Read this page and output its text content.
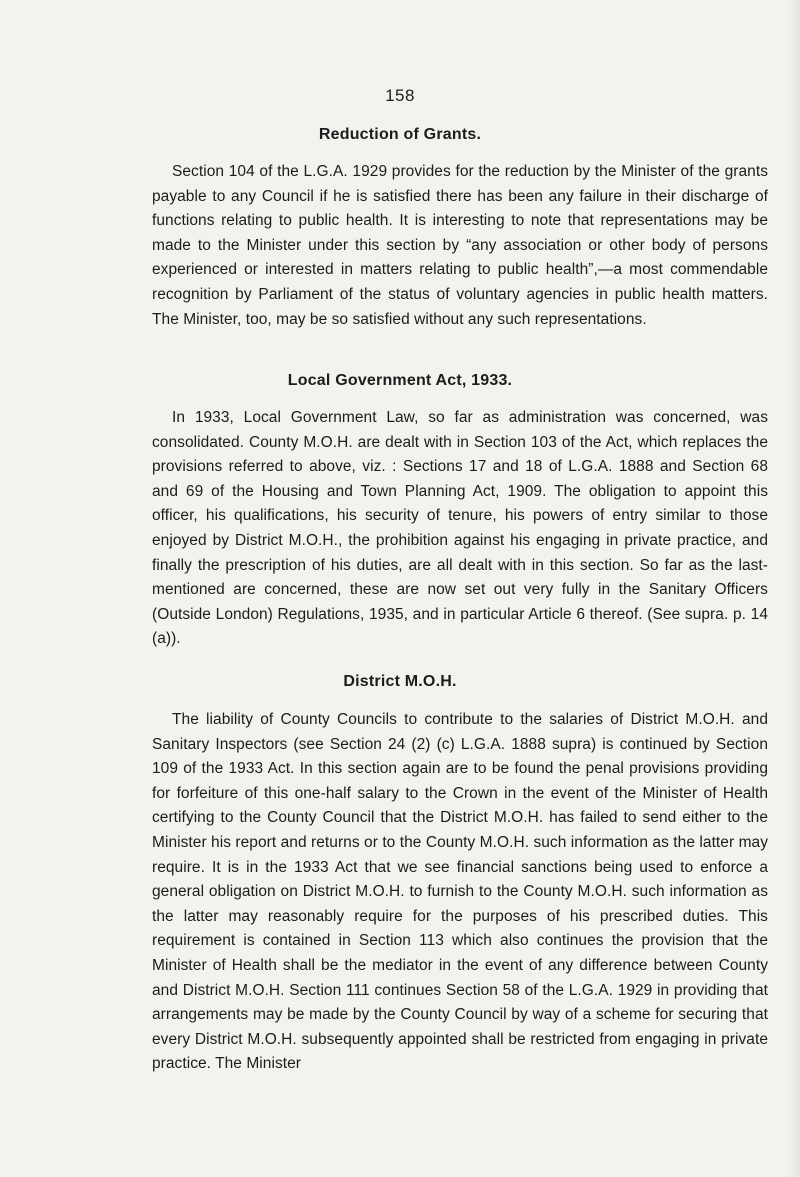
158
Reduction of Grants.

Section 104 of the L.G.A. 1929 provides for the reduction by the Minister of the grants payable to any Council if he is satisfied there has been any failure in their discharge of functions relating to public health. It is interesting to note that representations may be made to the Minister under this section by “any association or other body of persons experienced or interested in matters relating to public health”,—a most commendable recognition by Parliament of the status of voluntary agencies in public health matters. The Minister, too, may be so satisfied without any such representations.

Local Government Act, 1933.

In 1933, Local Government Law, so far as administration was concerned, was consolidated. County M.O.H. are dealt with in Section 103 of the Act, which replaces the provisions referred to above, viz. : Sections 17 and 18 of L.G.A. 1888 and Section 68 and 69 of the Housing and Town Planning Act, 1909. The obligation to appoint this officer, his qualifications, his security of tenure, his powers of entry similar to those enjoyed by District M.O.H., the prohibition against his engaging in private practice, and finally the prescription of his duties, are all dealt with in this section. So far as the last-mentioned are concerned, these are now set out very fully in the Sanitary Officers (Outside London) Regulations, 1935, and in particular Article 6 thereof. (See supra. p. 14 (a)).

District M.O.H.

The liability of County Councils to contribute to the salaries of District M.O.H. and Sanitary Inspectors (see Section 24 (2) (c) L.G.A. 1888 supra) is continued by Section 109 of the 1933 Act. In this section again are to be found the penal provisions providing for forfeiture of this one-half salary to the Crown in the event of the Minister of Health certifying to the County Council that the District M.O.H. has failed to send either to the Minister his report and returns or to the County M.O.H. such information as the latter may require. It is in the 1933 Act that we see financial sanctions being used to enforce a general obligation on District M.O.H. to furnish to the County M.O.H. such information as the latter may reasonably require for the purposes of his prescribed duties. This requirement is contained in Section 113 which also continues the provision that the Minister of Health shall be the mediator in the event of any difference between County and District M.O.H. Section 111 continues Section 58 of the L.G.A. 1929 in providing that arrangements may be made by the County Council by way of a scheme for securing that every District M.O.H. subsequently appointed shall be restricted from engaging in private practice. The Minister
